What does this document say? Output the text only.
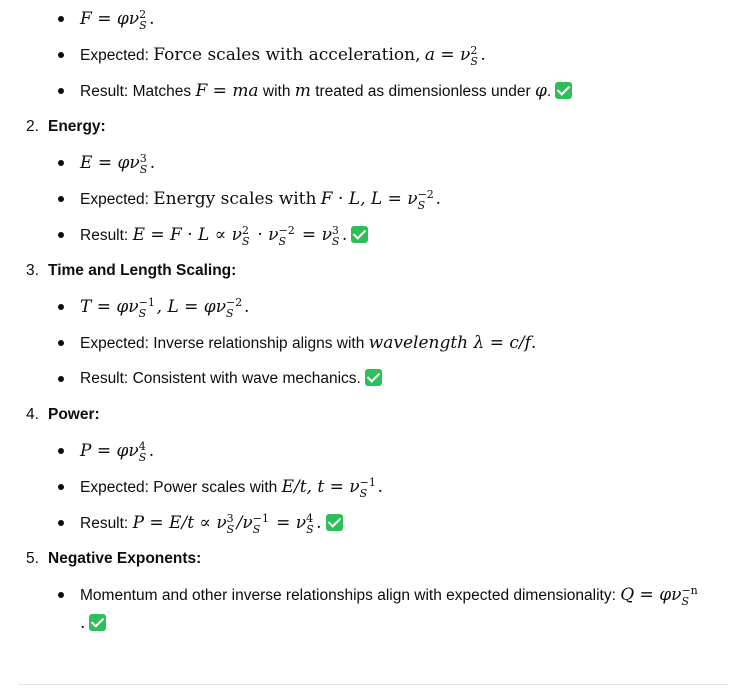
F = φν 2
S .
Expected: Force scales with acceleration, a = ν 2
S .
Result: Matches F = ma with m treated as dimensionless under φ.
2. Energy:
E = φν 3
S .
Expected: Energy scales with F · L, L = ν −2
S .
Result: E = F · L ∝ ν 2
S · ν −2
S = ν 3
S .
3. Time and Length Scaling:
T = φν −1
S , L = φν −2
S .
Expected: Inverse relationship aligns with wavelength λ = c/f.
Result: Consistent with wave mechanics.
4. Power:
P = φν 4
S .
Expected: Power scales with E/t, t = ν −1
S .
Result: P = E/t ∝ ν 3
S /ν −1
S = ν 4
S .
5. Negative Exponents:
Momentum and other inverse relationships align with expected dimensionality: Q = φν −n
S
.
